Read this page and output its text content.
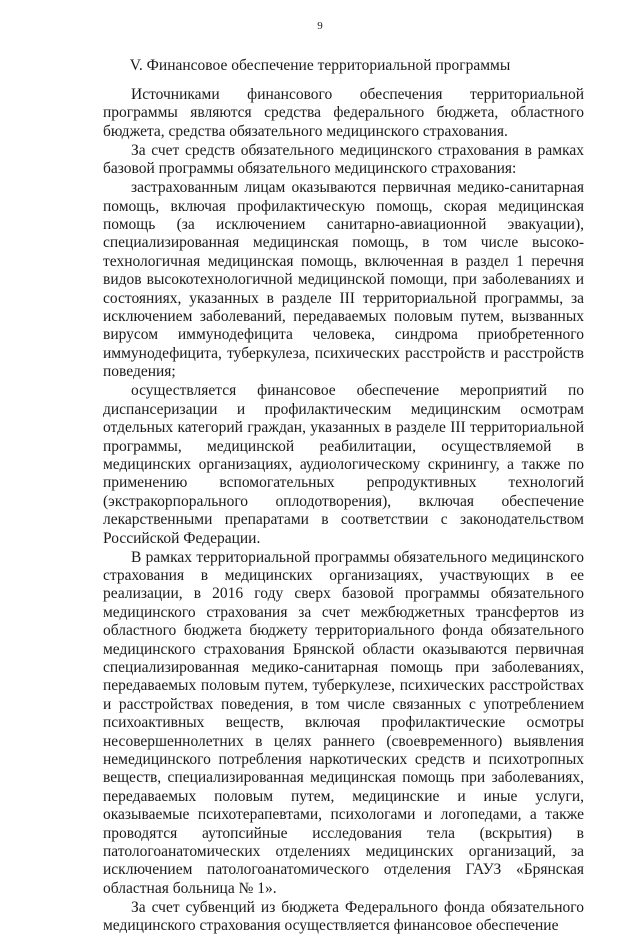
9
V. Финансовое обеспечение территориальной программы

Источниками финансового обеспечения территориальной программы являются средства федерального бюджета, областного бюджета, средства обязательного медицинского страхования.

За счет средств обязательного медицинского страхования в рамках базовой программы обязательного медицинского страхования:

застрахованным лицам оказываются первичная медико-санитарная помощь, включая профилактическую помощь, скорая медицинская помощь (за исключением санитарно-авиационной эвакуации), специализированная медицинская помощь, в том числе высоко-технологичная медицинская помощь, включенная в раздел 1 перечня видов высокотехнологичной медицинской помощи, при заболеваниях и состояниях, указанных в разделе III территориальной программы, за исключением заболеваний, передаваемых половым путем, вызванных вирусом иммунодефицита человека, синдрома приобретенного иммунодефицита, туберкулеза, психических расстройств и расстройств поведения;

осуществляется финансовое обеспечение мероприятий по диспансеризации и профилактическим медицинским осмотрам отдельных категорий граждан, указанных в разделе III территориальной программы, медицинской реабилитации, осуществляемой в медицинских организациях, аудиологическому скринингу, а также по применению вспомогательных репродуктивных технологий (экстракорпорального оплодотворения), включая обеспечение лекарственными препаратами в соответствии с законодательством Российской Федерации.

В рамках территориальной программы обязательного медицинского страхования в медицинских организациях, участвующих в ее реализации, в 2016 году сверх базовой программы обязательного медицинского страхования за счет межбюджетных трансфертов из областного бюджета бюджету территориального фонда обязательного медицинского страхования Брянской области оказываются первичная специализированная медико-санитарная помощь при заболеваниях, передаваемых половым путем, туберкулезе, психических расстройствах и расстройствах поведения, в том числе связанных с употреблением психоактивных веществ, включая профилактические осмотры несовершеннолетних в целях раннего (своевременного) выявления немедицинского потребления наркотических средств и психотропных веществ, специализированная медицинская помощь при заболеваниях, передаваемых половым путем, медицинские и иные услуги, оказываемые психотерапевтами, психологами и логопедами, а также проводятся аутопсийные исследования тела (вскрытия) в патологоанатомических отделениях медицинских организаций, за исключением патологоанатомического отделения ГАУЗ «Брянская областная больница № 1».

За счет субвенций из бюджета Федерального фонда обязательного медицинского страхования осуществляется финансовое обеспечение
